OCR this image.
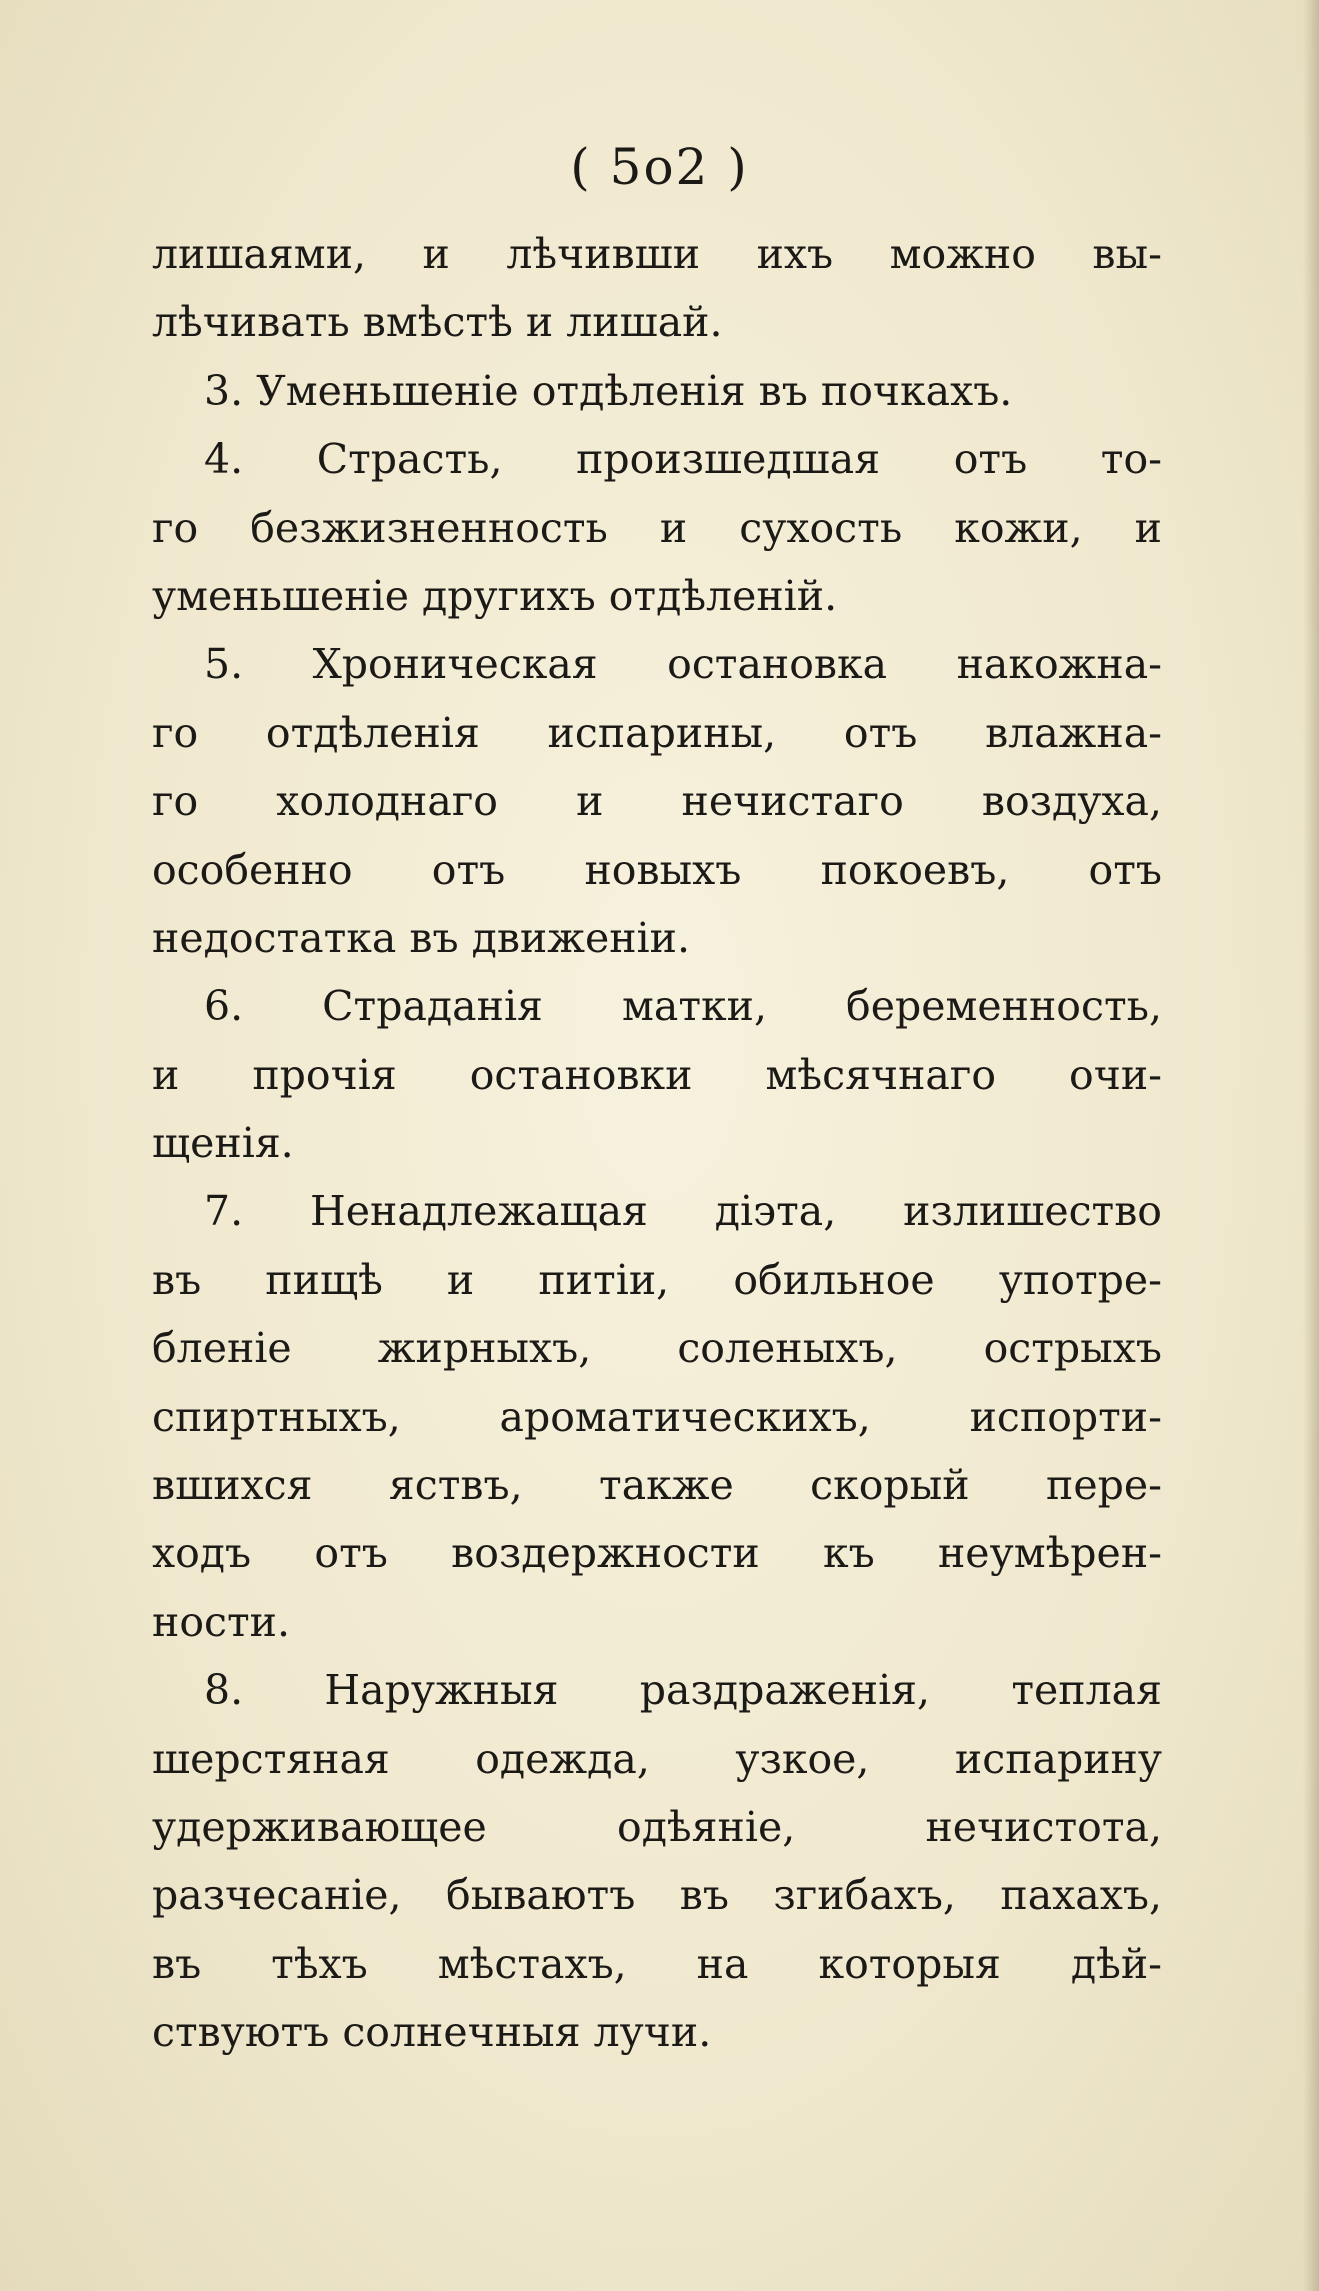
( 5o2 )
лишаями, и лѣчивши ихъ можно вы-
лѣчивать вмѣстѣ и лишай.
3. Уменьшенiе отдѣленiя въ почкахъ.
4. Страсть, произшедшая отъ то-
го безжизненность и сухость кожи, и
уменьшенiе другихъ отдѣленiй.
5. Хроническая остановка накожна-
го отдѣленiя испарины, отъ влажна-
го холоднаго и нечистаго воздуха,
особенно отъ новыхъ покоевъ, отъ
недостатка въ движенiи.
6. Страданiя матки, беременность,
и прочiя остановки мѣсячнаго очи-
щенiя.
7. Ненадлежащая дiэта, излишество
въ пищѣ и питiи, обильное употре-
бленiе жирныхъ, соленыхъ, острыхъ
спиртныхъ, ароматическихъ, испорти-
вшихся яствъ, также скорый пере-
ходъ отъ воздержности къ неумѣрен-
ности.
8. Наружныя раздраженiя, теплая
шерстяная одежда, узкое, испарину
удерживающее одѣянiе, нечистота,
разчесанiе, бываютъ въ згибахъ, пахахъ,
въ тѣхъ мѣстахъ, на которыя дѣй-
ствуютъ солнечныя лучи.
